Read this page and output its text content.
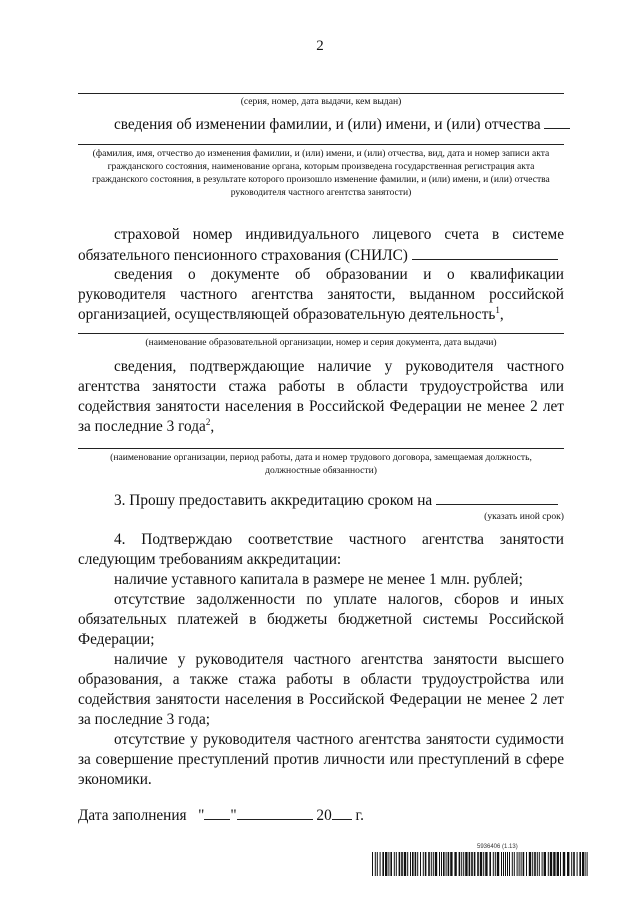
2
(серия, номер, дата выдачи, кем выдан)
сведения об изменении фамилии, и (или) имени, и (или) отчества
(фамилия, имя, отчество до изменения фамилии, и (или) имени, и (или) отчества, вид, дата и номер записи акта гражданского состояния, наименование органа, которым произведена государственная регистрация акта гражданского состояния, в результате которого произошло изменение фамилии, и (или) имени, и (или) отчества руководителя частного агентства занятости)
страховой номер индивидуального лицевого счета в системе
обязательного пенсионного страхования (СНИЛС)
сведения о документе об образовании и о квалификации руководителя частного агентства занятости, выданном российской организацией, осуществляющей образовательную деятельность$^1$,
(наименование образовательной организации, номер и серия документа, дата выдачи)
сведения, подтверждающие наличие у руководителя частного агентства занятости стажа работы в области трудоустройства или содействия занятости населения в Российской Федерации не менее 2 лет за последние 3 года$^2$,
(наименование организации, период работы, дата и номер трудового договора, замещаемая должность, должностные обязанности)
3. Прошу предоставить аккредитацию сроком на
(указать иной срок)
4. Подтверждаю соответствие частного агентства занятости следующим требованиям аккредитации:
наличие уставного капитала в размере не менее 1 млн. рублей;
отсутствие задолженности по уплате налогов, сборов и иных обязательных платежей в бюджеты бюджетной системы Российской Федерации;
наличие у руководителя частного агентства занятости высшего образования, а также стажа работы в области трудоустройства или содействия занятости населения в Российской Федерации не менее 2 лет за последние 3 года;
отсутствие у руководителя частного агентства занятости судимости за совершение преступлений против личности или преступлений в сфере экономики.
Дата заполнения " "	20 г.
5936406 (1.13)
